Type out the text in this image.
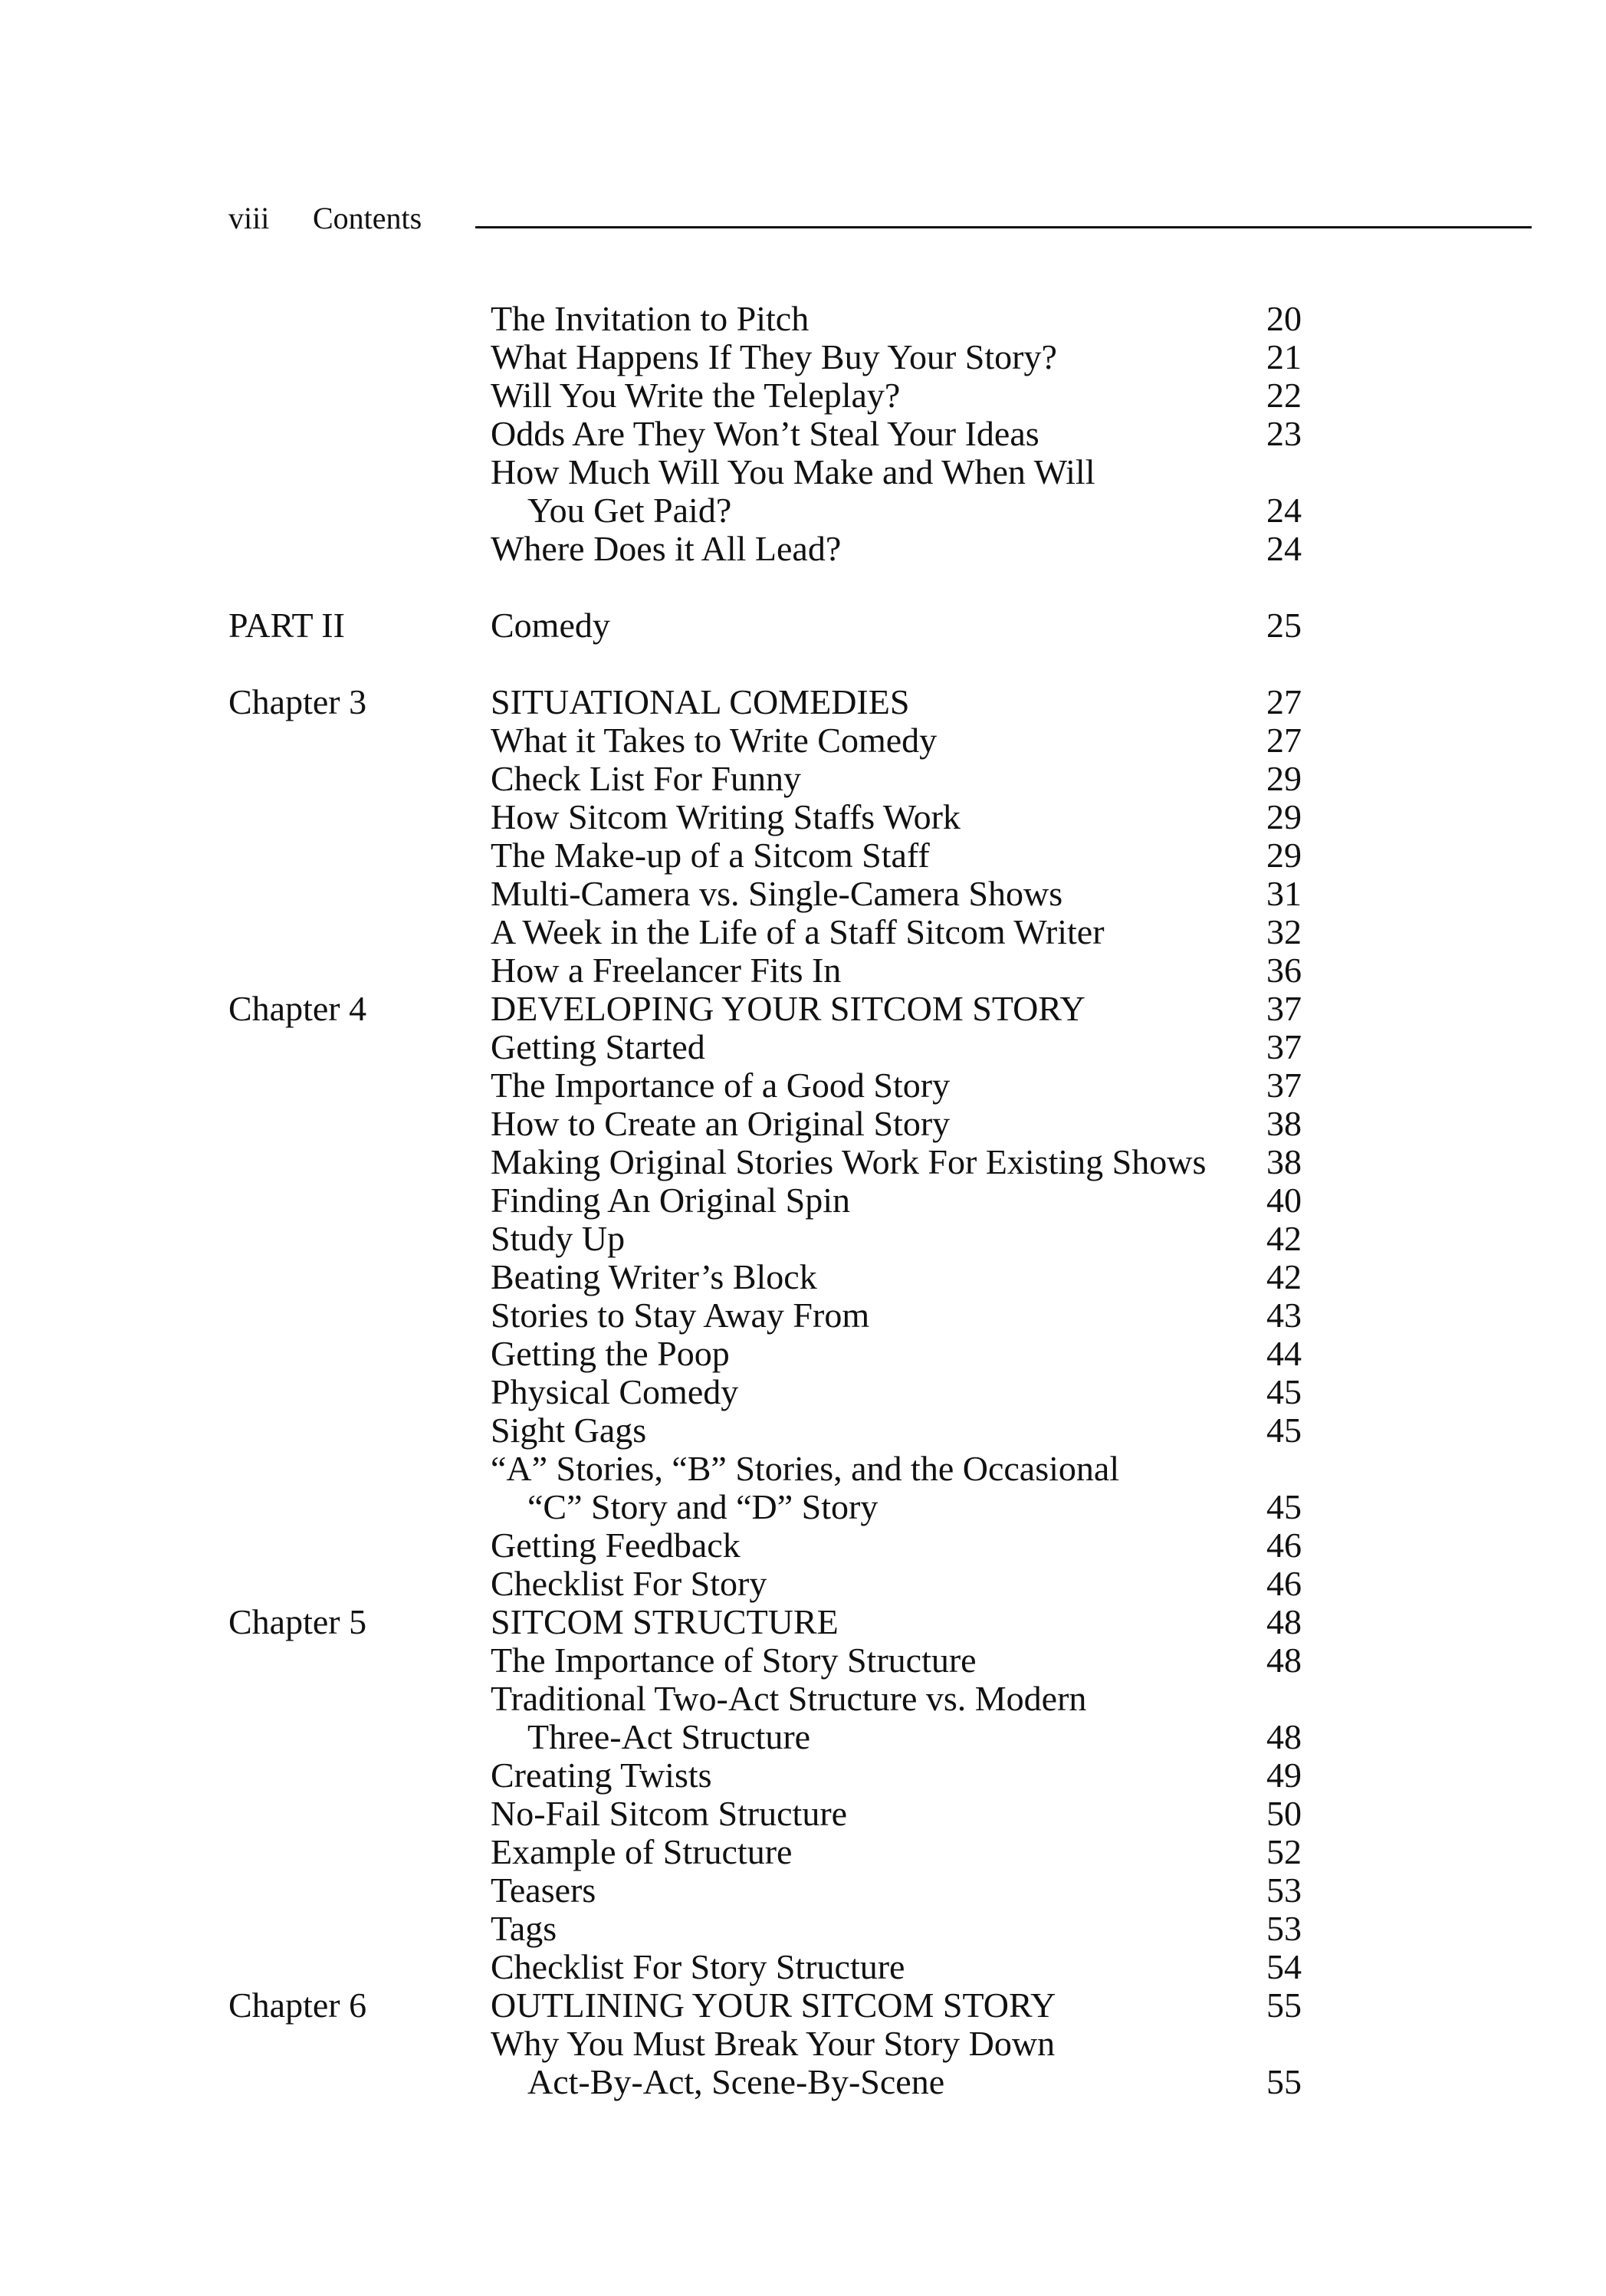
viii Contents
The Invitation to Pitch	20
What Happens If They Buy Your Story?	21
Will You Write the Teleplay?	22
Odds Are They Won’t Steal Your Ideas	23
How Much Will You Make and When Will
You Get Paid?	24
Where Does it All Lead?	24
PART II	Comedy	25
Chapter 3	SITUATIONAL COMEDIES	27
What it Takes to Write Comedy	27
Check List For Funny	29
How Sitcom Writing Staffs Work	29
The Make-up of a Sitcom Staff	29
Multi-Camera vs. Single-Camera Shows	31
A Week in the Life of a Staff Sitcom Writer	32
How a Freelancer Fits In	36
Chapter 4	DEVELOPING YOUR SITCOM STORY	37
Getting Started	37
The Importance of a Good Story	37
How to Create an Original Story	38
Making Original Stories Work For Existing Shows 38
Finding An Original Spin	40
Study Up	42
Beating Writer’s Block	42
Stories to Stay Away From	43
Getting the Poop	44
Physical Comedy	45
Sight Gags	45
“A” Stories, “B” Stories, and the Occasional
“C” Story and “D” Story	45
Getting Feedback	46
Checklist For Story	46
Chapter 5	SITCOM STRUCTURE	48
The Importance of Story Structure	48
Traditional Two-Act Structure vs. Modern
Three-Act Structure	48
Creating Twists	49
No-Fail Sitcom Structure	50
Example of Structure	52
Teasers	53
Tags	53
Checklist For Story Structure	54
Chapter 6	OUTLINING YOUR SITCOM STORY	55
Why You Must Break Your Story Down
Act-By-Act, Scene-By-Scene	55
